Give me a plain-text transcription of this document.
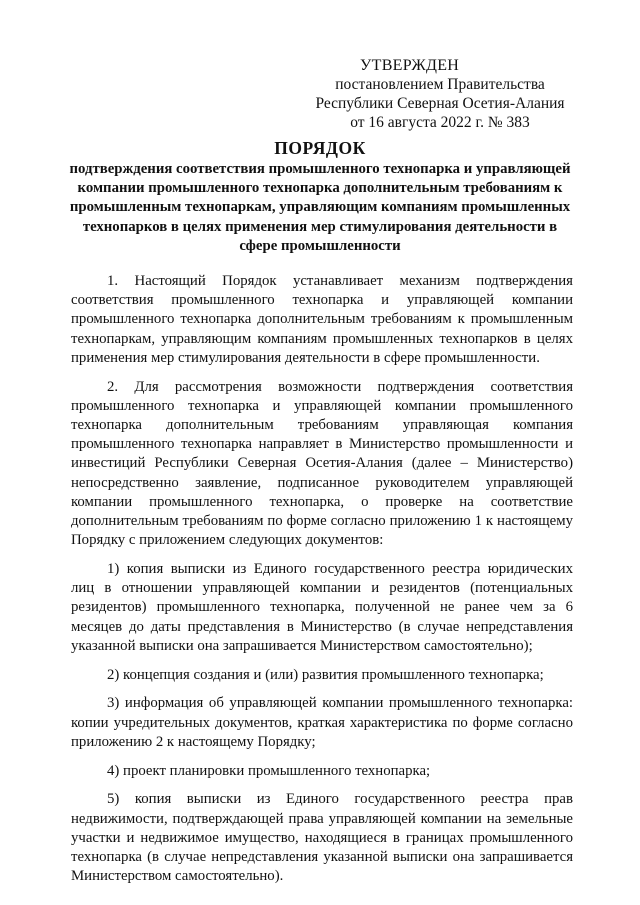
УТВЕРЖДЕН
постановлением Правительства
Республики Северная Осетия-Алания
от 16 августа 2022 г. № 383
ПОРЯДОК
подтверждения соответствия промышленного технопарка и управляющей компании промышленного технопарка дополнительным требованиям к промышленным технопаркам, управляющим компаниям промышленных технопарков в целях применения мер стимулирования деятельности в сфере промышленности

1. Настоящий Порядок устанавливает механизм подтверждения соответствия промышленного технопарка и управляющей компании промышленного технопарка дополнительным требованиям к промышленным технопаркам, управляющим компаниям промышленных технопарков в целях применения мер стимулирования деятельности в сфере промышленности.

2. Для рассмотрения возможности подтверждения соответствия промышленного технопарка и управляющей компании промышленного технопарка дополнительным требованиям управляющая компания промышленного технопарка направляет в Министерство промышленности и инвестиций Республики Северная Осетия-Алания (далее – Министерство) непосредственно заявление, подписанное руководителем управляющей компании промышленного технопарка, о проверке на соответствие дополнительным требованиям по форме согласно приложению 1 к настоящему Порядку с приложением следующих документов:

1) копия выписки из Единого государственного реестра юридических лиц в отношении управляющей компании и резидентов (потенциальных резидентов) промышленного технопарка, полученной не ранее чем за 6 месяцев до даты представления в Министерство (в случае непредставления указанной выписки она запрашивается Министерством самостоятельно);

2) концепция создания и (или) развития промышленного технопарка;

3) информация об управляющей компании промышленного технопарка: копии учредительных документов, краткая характеристика по форме согласно приложению 2 к настоящему Порядку;

4) проект планировки промышленного технопарка;

5) копия выписки из Единого государственного реестра прав недвижимости, подтверждающей права управляющей компании на земельные участки и недвижимое имущество, находящиеся в границах промышленного технопарка (в случае непредставления указанной выписки она запрашивается Министерством самостоятельно).
